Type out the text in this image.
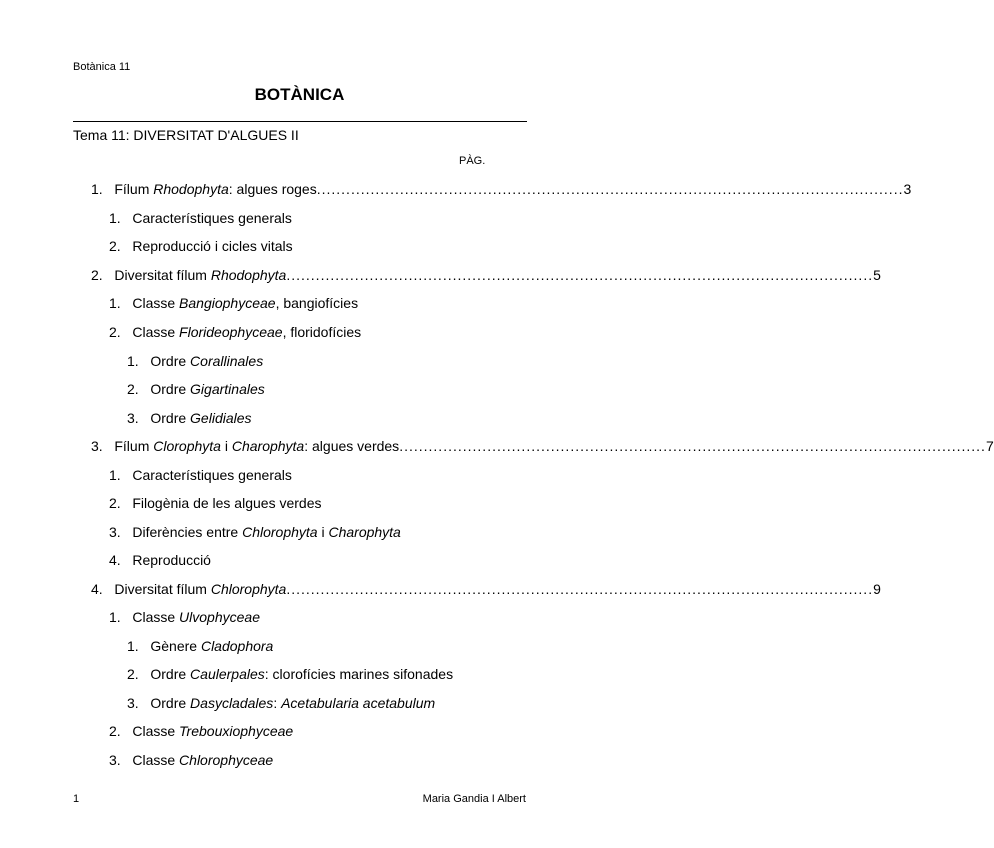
Botànica 11
BOTÀNICA
Tema 11: DIVERSITAT D'ALGUES II
PÀG.
1. Fílum Rhodophyta: algues roges ........................................................................................................................ 3
1. Característiques generals
2. Reproducció i cicles vitals
2. Diversitat fílum Rhodophyta ........................................................................................................................ 5
1. Classe Bangiophyceae, bangiofícies
2. Classe Florideophyceae, floridofícies
1. Ordre Corallinales
2. Ordre Gigartinales
3. Ordre Gelidiales
3. Fílum Clorophyta i Charophyta: algues verdes ........................................................................................................................ 7
1. Característiques generals
2. Filogènia de les algues verdes
3. Diferències entre Chlorophyta i Charophyta
4. Reproducció
4. Diversitat fílum Chlorophyta ........................................................................................................................ 9
1. Classe Ulvophyceae
1. Gènere Cladophora
2. Ordre Caulerpales: clorofícies marines sifonades
3. Ordre Dasycladales: Acetabularia acetabulum
2. Classe Trebouxiophyceae
3. Classe Chlorophyceae
1	Maria Gandia I Albert
